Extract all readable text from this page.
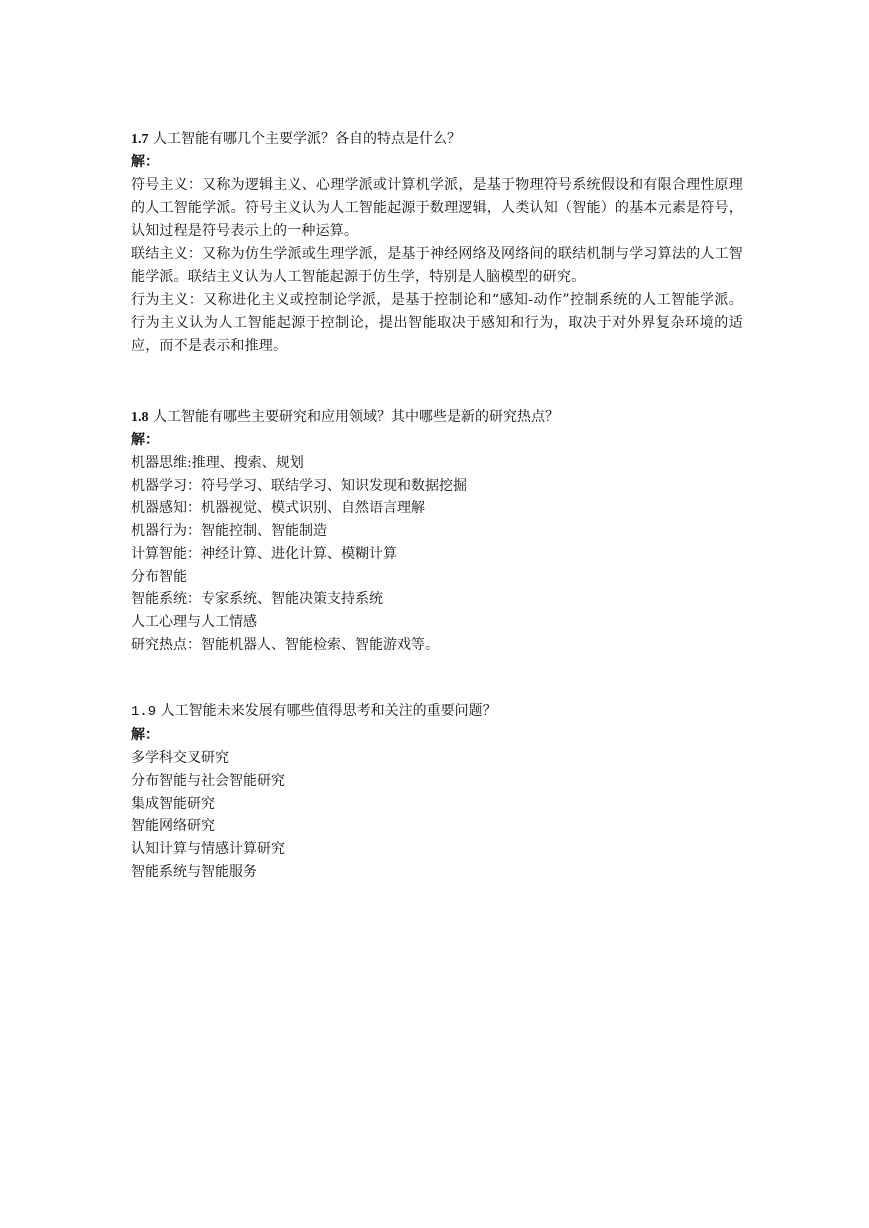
1.7 人工智能有哪几个主要学派？各自的特点是什么？

解：

符号主义：又称为逻辑主义、心理学派或计算机学派，是基于物理符号系统假设和有限合理性原理的人工智能学派。符号主义认为人工智能起源于数理逻辑，人类认知（智能）的基本元素是符号，认知过程是符号表示上的一种运算。

联结主义：又称为仿生学派或生理学派，是基于神经网络及网络间的联结机制与学习算法的人工智能学派。联结主义认为人工智能起源于仿生学，特别是人脑模型的研究。

行为主义：又称进化主义或控制论学派，是基于控制论和“感知-动作”控制系统的人工智能学派。行为主义认为人工智能起源于控制论，提出智能取决于感知和行为，取决于对外界复杂环境的适应，而不是表示和推理。

1.8 人工智能有哪些主要研究和应用领域？其中哪些是新的研究热点？

解：

机器思维:推理、搜索、规划

机器学习：符号学习、联结学习、知识发现和数据挖掘

机器感知：机器视觉、模式识别、自然语言理解

机器行为：智能控制、智能制造

计算智能：神经计算、进化计算、模糊计算

分布智能

智能系统：专家系统、智能决策支持系统

人工心理与人工情感

研究热点：智能机器人、智能检索、智能游戏等。

1.9 人工智能未来发展有哪些值得思考和关注的重要问题？

解：

多学科交叉研究

分布智能与社会智能研究

集成智能研究

智能网络研究

认知计算与情感计算研究

智能系统与智能服务
